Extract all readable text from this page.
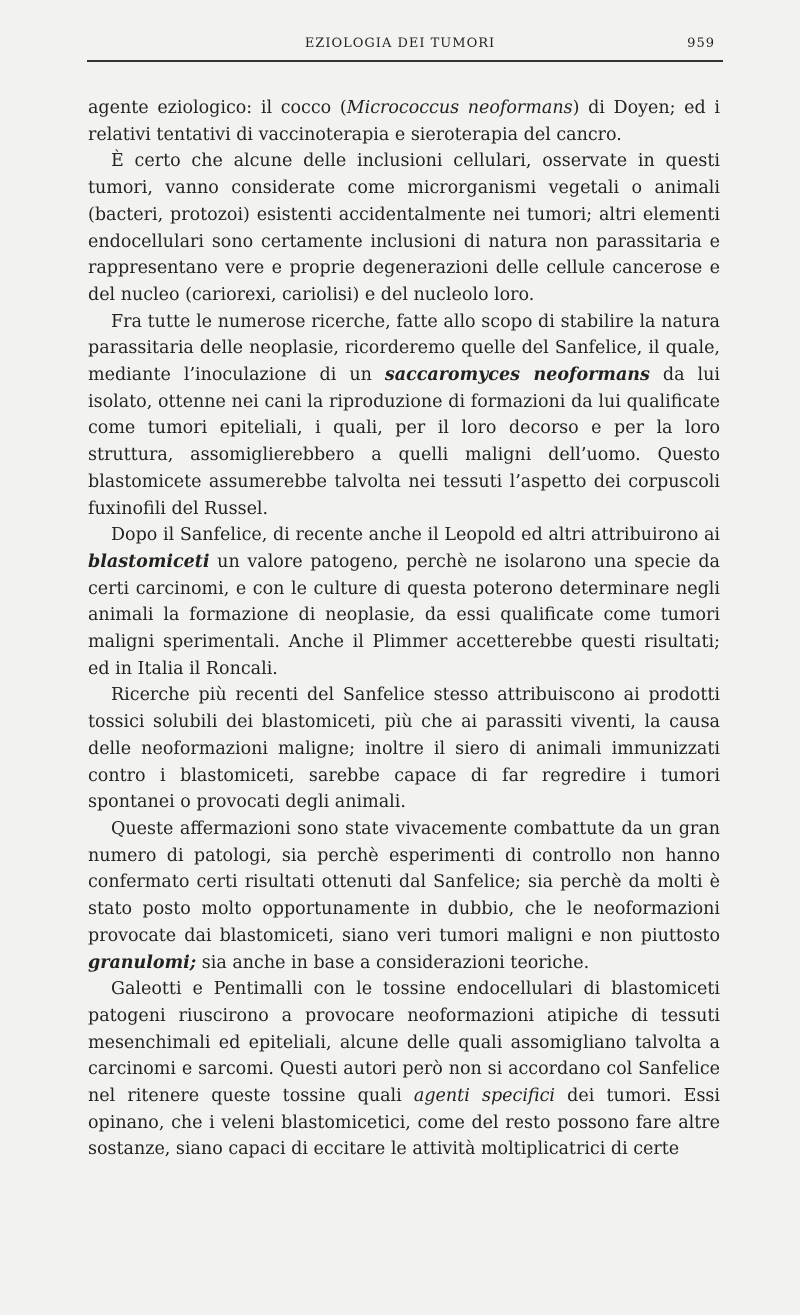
EZIOLOGIA DEI TUMORI	959

agente eziologico: il cocco (Micrococcus neoformans) di Doyen; ed i relativi tentativi di vaccinoterapia e sieroterapia del cancro.

È certo che alcune delle inclusioni cellulari, osservate in questi tumori, vanno considerate come microrganismi vegetali o animali (bacteri, protozoi) esistenti accidentalmente nei tumori; altri elementi endocellulari sono certamente inclusioni di natura non parassitaria e rappresentano vere e proprie degenerazioni delle cellule cancerose e del nucleo (cariorexi, cariolisi) e del nucleolo loro.

Fra tutte le numerose ricerche, fatte allo scopo di stabilire la natura parassitaria delle neoplasie, ricorderemo quelle del Sanfelice, il quale, mediante l’inoculazione di un saccaromyces neoformans da lui isolato, ottenne nei cani la riproduzione di formazioni da lui qualificate come tumori epiteliali, i quali, per il loro decorso e per la loro struttura, assomiglierebbero a quelli maligni dell’uomo. Questo blastomicete assumerebbe talvolta nei tessuti l’aspetto dei corpuscoli fuxinofili del Russel.

Dopo il Sanfelice, di recente anche il Leopold ed altri attribuirono ai blastomiceti un valore patogeno, perchè ne isolarono una specie da certi carcinomi, e con le culture di questa poterono determinare negli animali la formazione di neoplasie, da essi qualificate come tumori maligni sperimentali. Anche il Plimmer accetterebbe questi risultati; ed in Italia il Roncali.

Ricerche più recenti del Sanfelice stesso attribuiscono ai prodotti tossici solubili dei blastomiceti, più che ai parassiti viventi, la causa delle neoformazioni maligne; inoltre il siero di animali immunizzati contro i blastomiceti, sarebbe capace di far regredire i tumori spontanei o provocati degli animali.

Queste affermazioni sono state vivacemente combattute da un gran numero di patologi, sia perchè esperimenti di controllo non hanno confermato certi risultati ottenuti dal Sanfelice; sia perchè da molti è stato posto molto opportunamente in dubbio, che le neoformazioni provocate dai blastomiceti, siano veri tumori maligni e non piuttosto granulomi; sia anche in base a considerazioni teoriche.

Galeotti e Pentimalli con le tossine endocellulari di blastomiceti patogeni riuscirono a provocare neoformazioni atipiche di tessuti mesenchimali ed epiteliali, alcune delle quali assomigliano talvolta a carcinomi e sarcomi. Questi autori però non si accordano col Sanfelice nel ritenere queste tossine quali agenti specifici dei tumori. Essi opinano, che i veleni blastomicetici, come del resto possono fare altre sostanze, siano capaci di eccitare le attività moltiplicatrici di certe
